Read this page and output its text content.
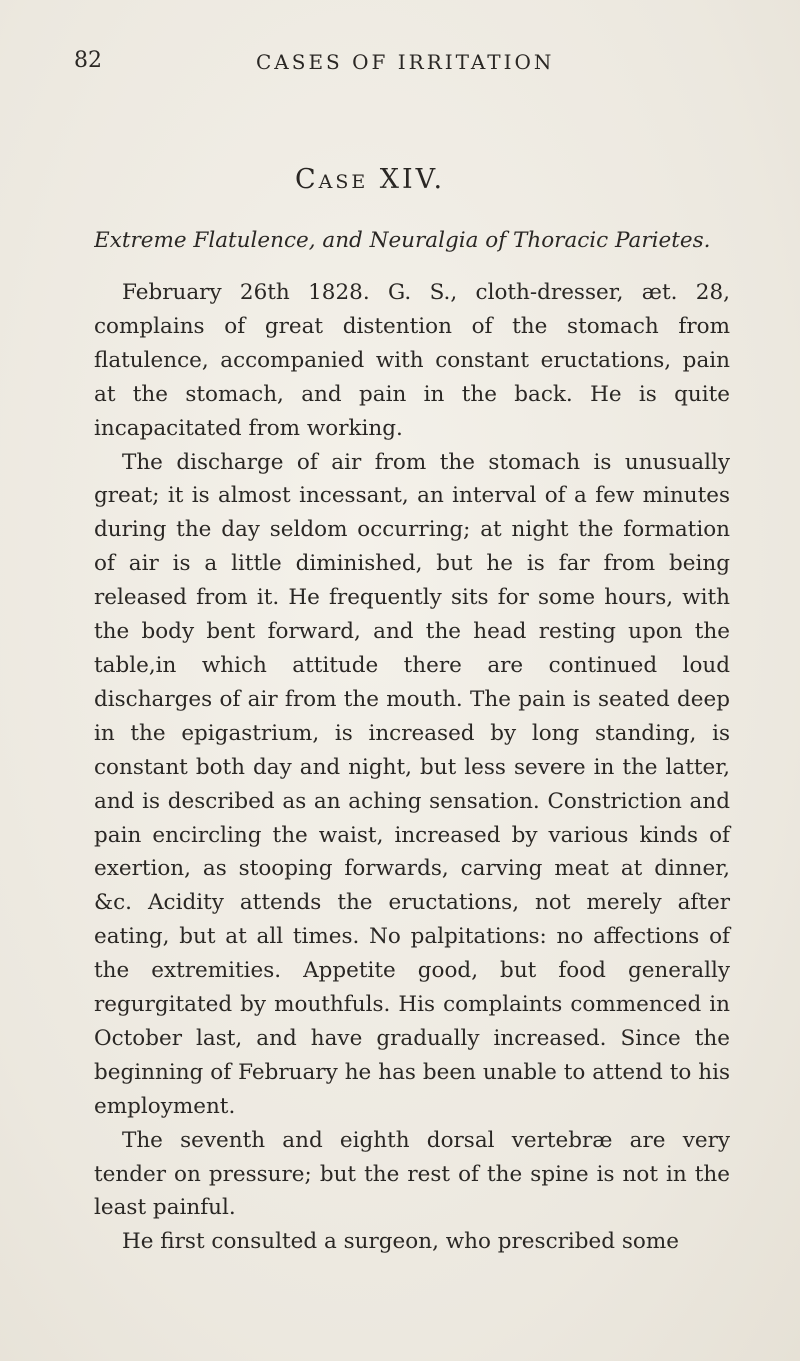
82	CASES OF IRRITATION
Case XIV.
Extreme Flatulence, and Neuralgia of Thoracic Parietes.

February 26th 1828. G. S., cloth-dresser, æt. 28, complains of great distention of the stomach from flatulence, accompanied with constant eructations, pain at the stomach, and pain in the back. He is quite incapacitated from working.

The discharge of air from the stomach is unusually great; it is almost incessant, an interval of a few minutes during the day seldom occurring; at night the formation of air is a little diminished, but he is far from being released from it. He frequently sits for some hours, with the body bent forward, and the head resting upon the table,in which attitude there are continued loud discharges of air from the mouth. The pain is seated deep in the epigastrium, is increased by long standing, is constant both day and night, but less severe in the latter, and is described as an aching sensation. Constriction and pain encircling the waist, increased by various kinds of exertion, as stooping forwards, carving meat at dinner, &c. Acidity attends the eructations, not merely after eating, but at all times. No palpitations: no affections of the extremities. Appetite good, but food generally regurgitated by mouthfuls. His complaints commenced in October last, and have gradually increased. Since the beginning of February he has been unable to attend to his employment.

The seventh and eighth dorsal vertebræ are very tender on pressure; but the rest of the spine is not in the least painful.

He first consulted a surgeon, who prescribed some
